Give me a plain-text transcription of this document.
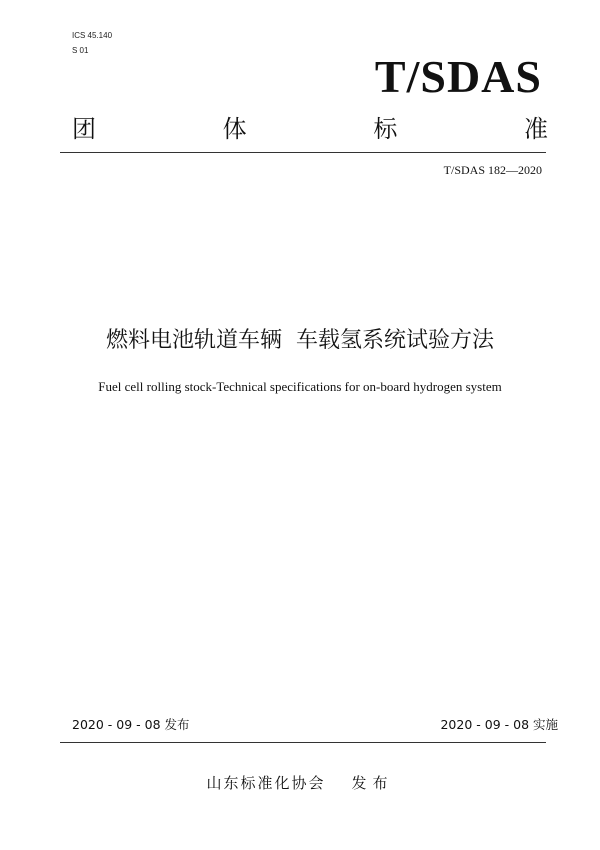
ICS 45.140
S 01
T/SDAS
团	体	标	准
T/SDAS 182—2020
燃料电池轨道车辆  车载氢系统试验方法
Fuel cell rolling stock-Technical specifications for on-board hydrogen system
2020 - 09 - 08 发布	2020 - 09 - 08 实施
山东标准化协会 发布
